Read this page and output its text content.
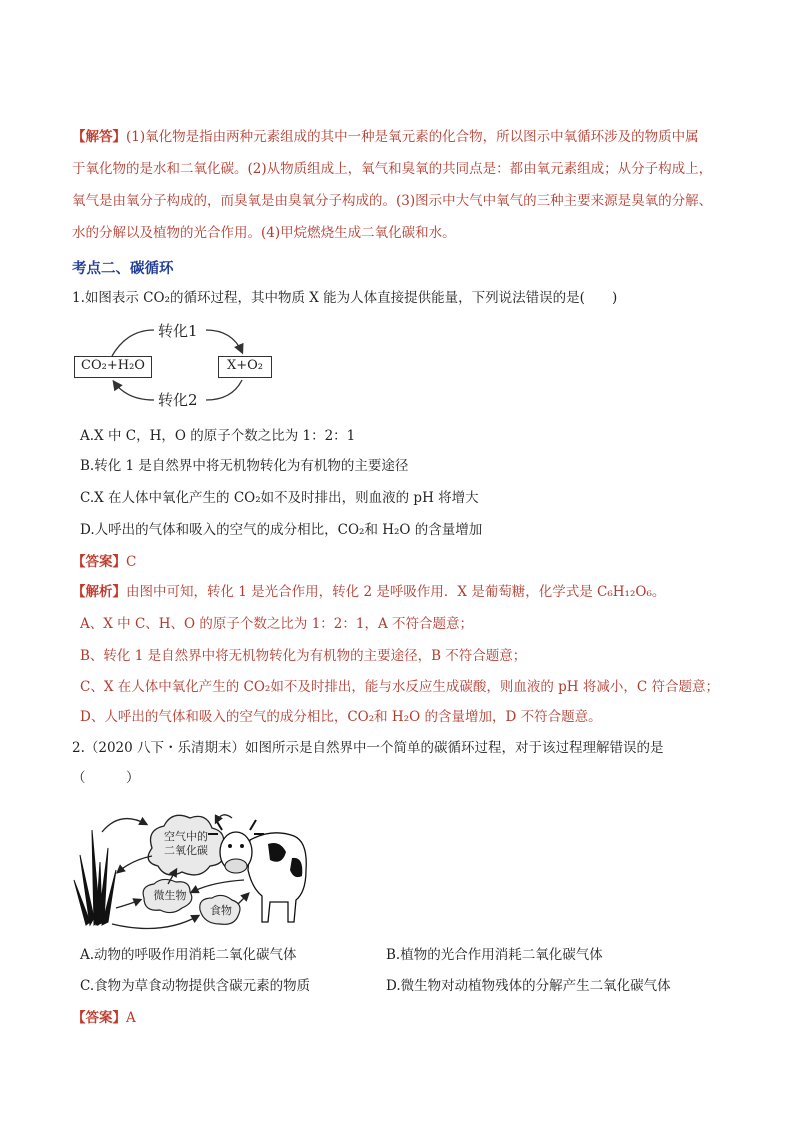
【解答】(1)氧化物是指由两种元素组成的其中一种是氧元素的化合物，所以图示中氧循环涉及的物质中属
于氧化物的是水和二氧化碳。(2)从物质组成上，氧气和臭氧的共同点是：都由氧元素组成；从分子构成上，
氧气是由氧分子构成的，而臭氧是由臭氧分子构成的。(3)图示中大气中氧气的三种主要来源是臭氧的分解、
水的分解以及植物的光合作用。(4)甲烷燃烧生成二氧化碳和水。
考点二、碳循环
1.如图表示 CO₂的循环过程，其中物质 X 能为人体直接提供能量，下列说法错误的是(　　)
转化1
转化2
CO₂+H₂O	X+O₂
A.X 中 C，H，O 的原子个数之比为 1：2：1
B.转化 1 是自然界中将无机物转化为有机物的主要途径
C.X 在人体中氧化产生的 CO₂如不及时排出，则血液的 pH 将增大
D.人呼出的气体和吸入的空气的成分相比，CO₂和 H₂O 的含量增加
【答案】C
【解析】由图中可知，转化 1 是光合作用，转化 2 是呼吸作用．X 是葡萄糖，化学式是 C₆H₁₂O₆。
A、X 中 C、H、O 的原子个数之比为 1：2：1，A 不符合题意；
B、转化 1 是自然界中将无机物转化为有机物的主要途径，B 不符合题意；
C、X 在人体中氧化产生的 CO₂如不及时排出，能与水反应生成碳酸，则血液的 pH 将减小，C 符合题意；
D、人呼出的气体和吸入的空气的成分相比，CO₂和 H₂O 的含量增加，D 不符合题意。
2.（2020 八下・乐清期末）如图所示是自然界中一个简单的碳循环过程，对于该过程理解错误的是
（　　　）
空气中的
二氧化碳
微生物
食物
A.动物的呼吸作用消耗二氧化碳气体	B.植物的光合作用消耗二氧化碳气体
C.食物为草食动物提供含碳元素的物质	D.微生物对动植物残体的分解产生二氧化碳气体
【答案】A
